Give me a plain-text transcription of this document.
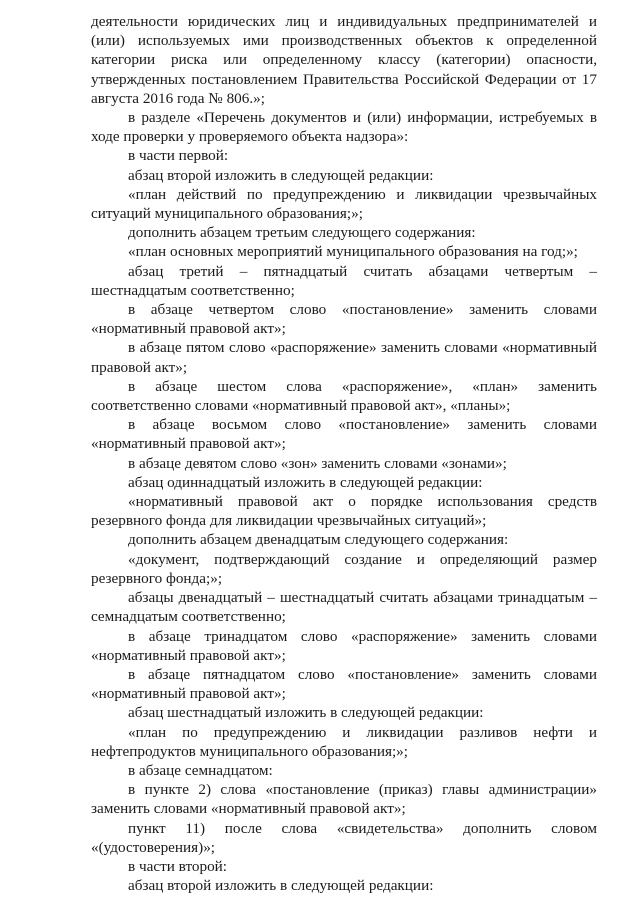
деятельности юридических лиц и индивидуальных предпринимателей и (или) используемых ими производственных объектов к определенной категории риска или определенному классу (категории) опасности, утвержденных постановлением Правительства Российской Федерации от 17 августа 2016 года № 806.»;

в разделе «Перечень документов и (или) информации, истребуемых в ходе проверки у проверяемого объекта надзора»:

в части первой:

абзац второй изложить в следующей редакции:

«план действий по предупреждению и ликвидации чрезвычайных ситуаций муниципального образования;»;

дополнить абзацем третьим следующего содержания:

«план основных мероприятий муниципального образования на год;»;

абзац третий – пятнадцатый считать абзацами четвертым – шестнадцатым соответственно;

в абзаце четвертом слово «постановление» заменить словами «нормативный правовой акт»;

в абзаце пятом слово «распоряжение» заменить словами «нормативный правовой акт»;

в абзаце шестом слова «распоряжение», «план» заменить соответственно словами «нормативный правовой акт», «планы»;

в абзаце восьмом слово «постановление» заменить словами «нормативный правовой акт»;

в абзаце девятом слово «зон» заменить словами «зонами»;

абзац одиннадцатый изложить в следующей редакции:

«нормативный правовой акт о порядке использования средств резервного фонда для ликвидации чрезвычайных ситуаций»;

дополнить абзацем двенадцатым следующего содержания:

«документ, подтверждающий создание и определяющий размер резервного фонда;»;

абзацы двенадцатый – шестнадцатый считать абзацами тринадцатым – семнадцатым соответственно;

в абзаце тринадцатом слово «распоряжение» заменить словами «нормативный правовой акт»;

в абзаце пятнадцатом слово «постановление» заменить словами «нормативный правовой акт»;

абзац шестнадцатый изложить в следующей редакции:

«план по предупреждению и ликвидации разливов нефти и нефтепродуктов муниципального образования;»;

в абзаце семнадцатом:

в пункте 2) слова «постановление (приказ) главы администрации» заменить словами «нормативный правовой акт»;

пункт 11) после слова «свидетельства» дополнить словом «(удостоверения)»;

в части второй:

абзац второй изложить в следующей редакции:
